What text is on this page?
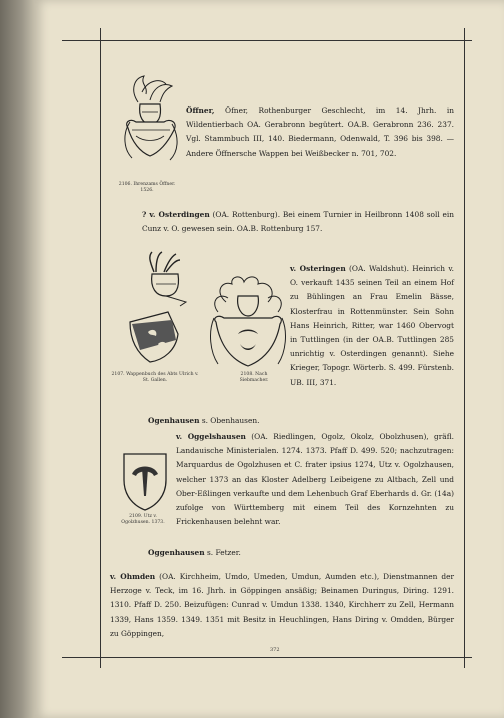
2106. Ihrenzams Öffner. 1526.
Öffner, Öfner, Rothenburger Geschlecht, im 14. Jhrh. in Wildentierbach OA. Gerabronn begütert. OA.B. Gerabronn 236. 237. Vgl. Stammbuch III, 140. Biedermann, Odenwald, T. 396 bis 398. — Andere Öffnersche Wappen bei Weißbecker n. 701, 702.
? v. Osterdingen (OA. Rottenburg). Bei einem Turnier in Heilbronn 1408 soll ein Cunz v. O. gewesen sein. OA.B. Rottenburg 157.
2107. Wappenbuch des Abts Ulrich v. St. Gallen.
2108. Nach Siebmacher.
v. Osteringen (OA. Waldshut). Heinrich v. O. verkauft 1435 seinen Teil an einem Hof zu Bühlingen an Frau Emelin Bässe, Klosterfrau in Rottenmünster. Sein Sohn Hans Heinrich, Ritter, war 1460 Obervogt in Tuttlingen (in der OA.B. Tuttlingen 285 unrichtig v. Osterdingen genannt). Siehe Krieger, Topogr. Wörterb. S. 499. Fürstenb. UB. III, 371.
Ogenhausen s. Obenhausen.
2109. Utz v. Ogolzhusen. 1373.
v. Oggelshausen (OA. Riedlingen, Ogolz, Okolz, Obolzhusen), gräfl. Landauische Ministerialen. 1274. 1373. Pfaff D. 499. 520; nachzutragen: Marquardus de Ogolzhusen et C. frater ipsius 1274, Utz v. Ogolzhausen, welcher 1373 an das Kloster Adelberg Leibeigene zu Altbach, Zell und Ober-Eßlingen verkaufte und dem Lehenbuch Graf Eberhards d. Gr. (14a) zufolge von Württemberg mit einem Teil des Kornzehnten zu Frickenhausen belehnt war.
Oggenhausen s. Fetzer.
v. Ohmden (OA. Kirchheim, Umdo, Umeden, Umdun, Aumden etc.), Dienstmannen der Herzoge v. Teck, im 16. Jhrh. in Göppingen ansäßig; Beinamen Duringus, Diring. 1291. 1310. Pfaff D. 250. Beizufügen: Cunrad v. Umdun 1338. 1340, Kirchherr zu Zell, Hermann 1339, Hans 1359. 1349. 1351 mit Besitz in Heuchlingen, Hans Diring v. Omdden, Bürger zu Göppingen,
372
